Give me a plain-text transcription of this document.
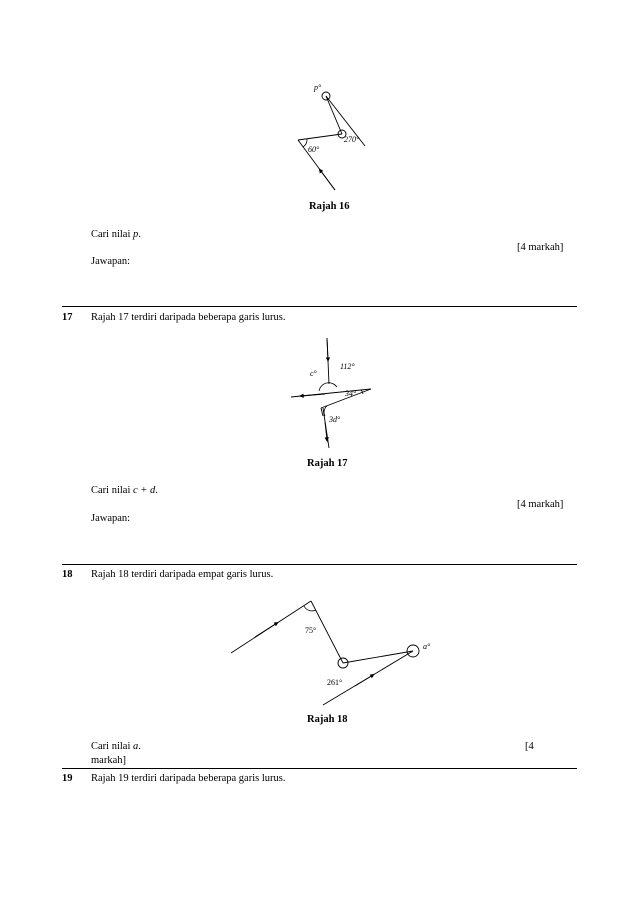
p°
60°
270°
Rajah 16
Cari nilai p.
[4 markah]
Jawapan:
17 Rajah 17 terdiri daripada beberapa garis lurus.
c°
112°
34°
3d°
Rajah 17
Cari nilai c + d.
[4 markah]
Jawapan:
18 Rajah 18 terdiri daripada empat garis lurus.
75°
261°
a°
Rajah 18
Cari nilai a.	[4
markah]
19 Rajah 19 terdiri daripada beberapa garis lurus.
